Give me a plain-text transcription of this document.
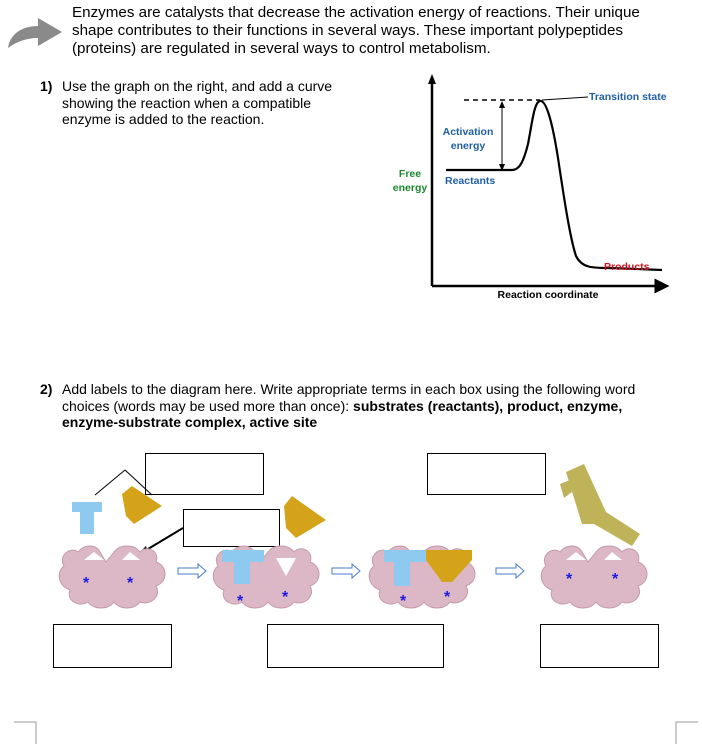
Enzymes are catalysts that decrease the activation energy of reactions. Their unique shape contributes to their functions in several ways. These important polypeptides (proteins) are regulated in several ways to control metabolism.
1) Use the graph on the right, and add a curve showing the reaction when a compatible enzyme is added to the reaction.
Free
energy
Transition state
Activation
energy
Reactants
Products
Reaction coordinate
2) Add labels to the diagram here. Write appropriate terms in each box using the following word choices (words may be used more than once): substrates (reactants), product, enzyme, enzyme-substrate complex, active site
* *
* *	* *
* *
